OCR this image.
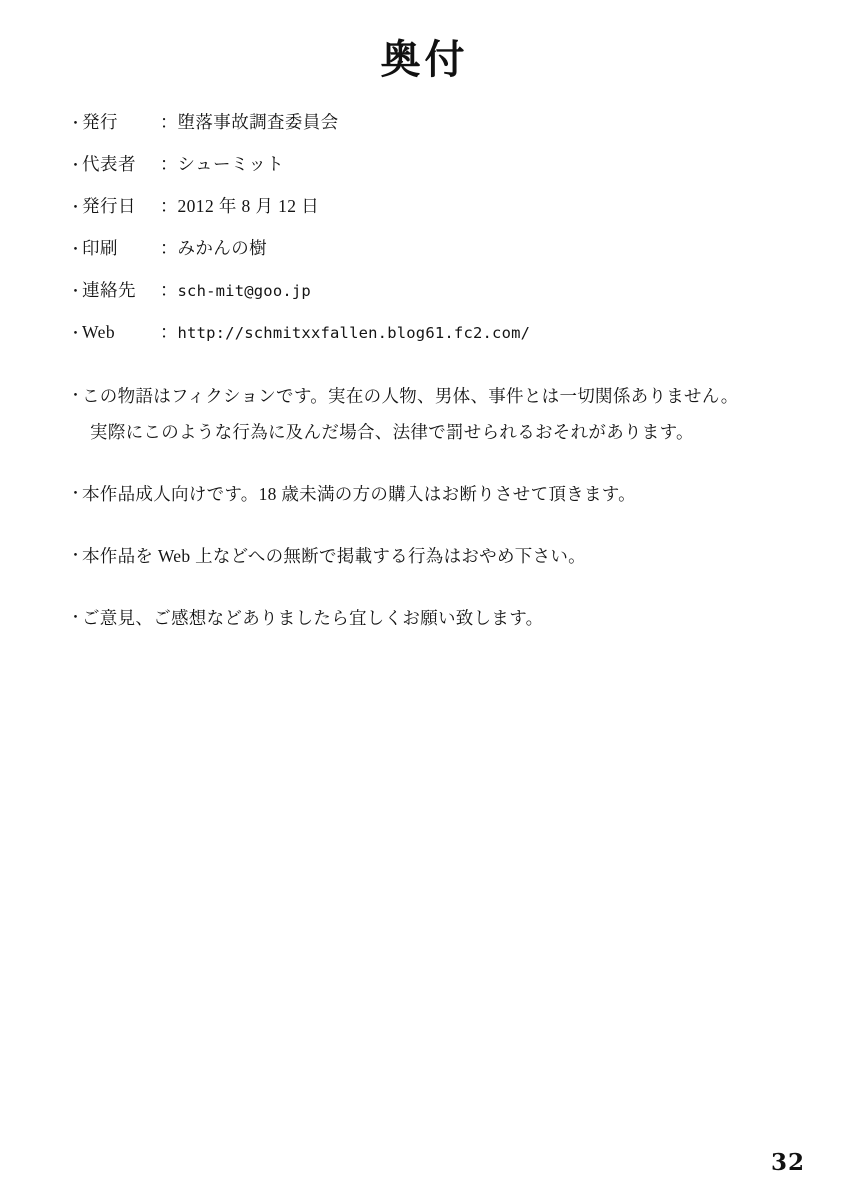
奥付
・
発行	： 堕落事故調査委員会
・
代表者	： シューミット
・
発行日	： 2012 年 8 月 12 日
・
印刷	： みかんの樹
・
連絡先	： sch-mit@goo.jp
・
Web	： http://schmitxxfallen.blog61.fc2.com/
・
この物語はフィクションです。実在の人物、男体、事件とは一切関係ありません。
実際にこのような行為に及んだ場合、法律で罰せられるおそれがあります。
・
本作品成人向けです。18 歳未満の方の購入はお断りさせて頂きます。
・
本作品を Web 上などへの無断で掲載する行為はおやめ下さい。
・
ご意見、ご感想などありましたら宜しくお願い致します。
32
